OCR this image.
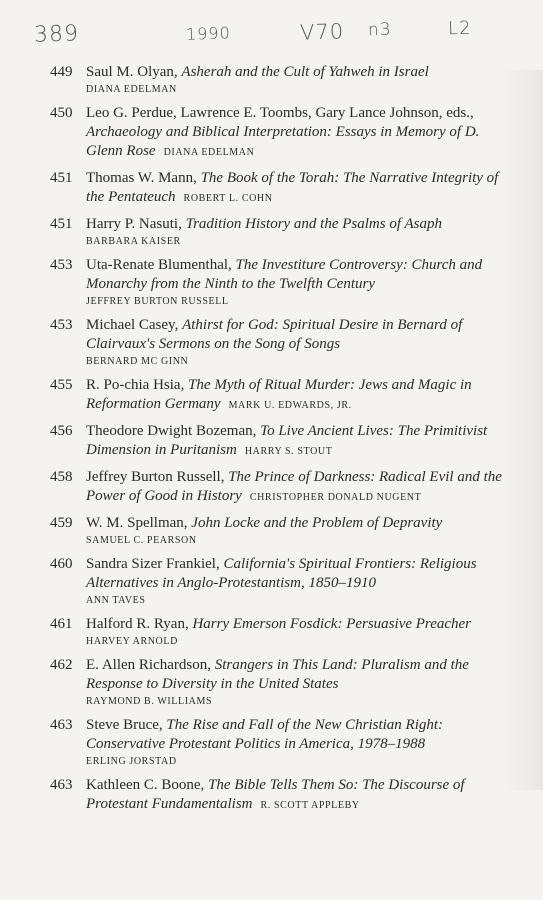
389	1990	V70 n3	L2
449 Saul M. Olyan, Asherah and the Cult of Yahweh in Israel
DIANA EDELMAN
450 Leo G. Perdue, Lawrence E. Toombs, Gary Lance Johnson, eds., Archaeology and Biblical Interpretation: Essays in Memory of D. Glenn Rose DIANA EDELMAN
451 Thomas W. Mann, The Book of the Torah: The Narrative Integrity of the Pentateuch ROBERT L. COHN
451 Harry P. Nasuti, Tradition History and the Psalms of Asaph
BARBARA KAISER
453 Uta-Renate Blumenthal, The Investiture Controversy: Church and Monarchy from the Ninth to the Twelfth Century
JEFFREY BURTON RUSSELL
453 Michael Casey, Athirst for God: Spiritual Desire in Bernard of Clairvaux's Sermons on the Song of Songs
BERNARD MC GINN
455 R. Po-chia Hsia, The Myth of Ritual Murder: Jews and Magic in Reformation Germany MARK U. EDWARDS, JR.
456 Theodore Dwight Bozeman, To Live Ancient Lives: The Primitivist Dimension in Puritanism HARRY S. STOUT
458 Jeffrey Burton Russell, The Prince of Darkness: Radical Evil and the Power of Good in History CHRISTOPHER DONALD NUGENT
459 W. M. Spellman, John Locke and the Problem of Depravity
SAMUEL C. PEARSON
460 Sandra Sizer Frankiel, California's Spiritual Frontiers: Religious Alternatives in Anglo-Protestantism, 1850–1910
ANN TAVES
461 Halford R. Ryan, Harry Emerson Fosdick: Persuasive Preacher
HARVEY ARNOLD
462 E. Allen Richardson, Strangers in This Land: Pluralism and the Response to Diversity in the United States
RAYMOND B. WILLIAMS
463 Steve Bruce, The Rise and Fall of the New Christian Right: Conservative Protestant Politics in America, 1978–1988
ERLING JORSTAD
463 Kathleen C. Boone, The Bible Tells Them So: The Discourse of Protestant Fundamentalism R. SCOTT APPLEBY
